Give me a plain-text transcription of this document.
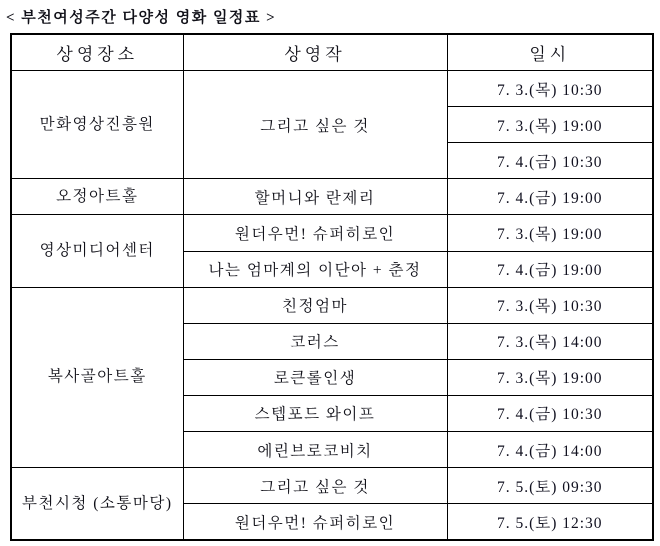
< 부천여성주간 다양성 영화 일정표 >
상영장소	상영작	일시
만화영상진흥원	그리고 싶은 것	7. 3.(목) 10:30
		7. 3.(목) 19:00
		7. 4.(금) 10:30
오정아트홀	할머니와 란제리	7. 4.(금) 19:00
영상미디어센터	원더우먼! 슈퍼히로인	7. 3.(목) 19:00
	나는 엄마계의 이단아 + 춘정	7. 4.(금) 19:00
복사골아트홀	친정엄마	7. 3.(목) 10:30
	코러스	7. 3.(목) 14:00
	로큰롤인생	7. 3.(목) 19:00
	스텝포드 와이프	7. 4.(금) 10:30
	에린브로코비치	7. 4.(금) 14:00
부천시청 (소통마당)	그리고 싶은 것	7. 5.(토) 09:30
	원더우먼! 슈퍼히로인	7. 5.(토) 12:30
